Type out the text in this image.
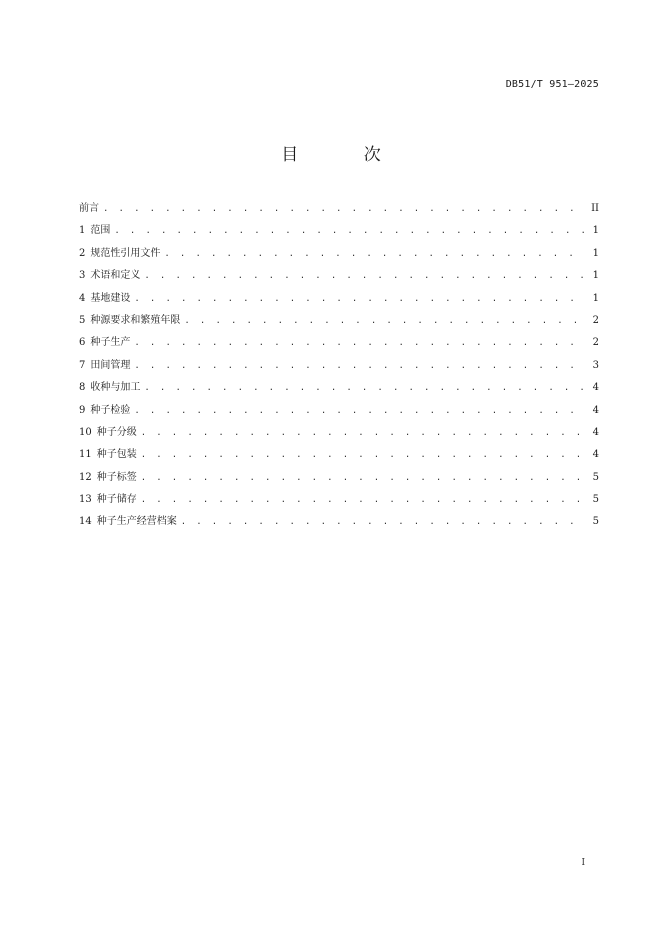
DB51/T 951—2025
目 次
前言 . . .	II
1 范围 . . .	1
2 规范性引用文件 . . .	1
3 术语和定义 . . .	1
4 基地建设 . . .	1
5 种源要求和繁殖年限 . . .	2
6 种子生产 . . .	2
7 田间管理 . . .	3
8 收种与加工 . . .	4
9 种子检验 . . .	4
10 种子分级 . . .	4
11 种子包装 . . .	4
12 种子标签 . . .	5
13 种子储存 . . .	5
14 种子生产经营档案 . . .	5
I
